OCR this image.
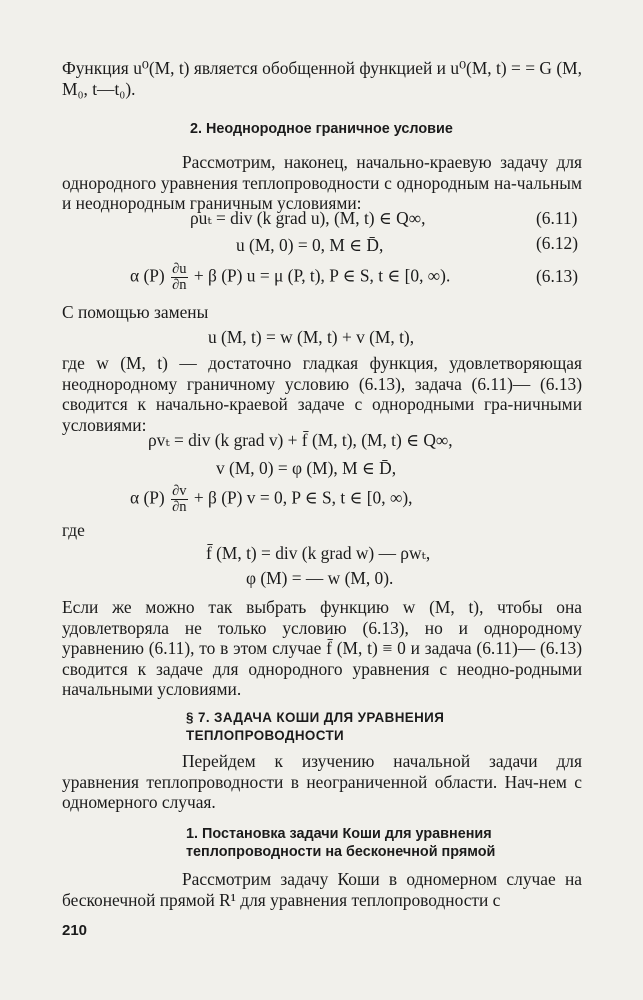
Функция u⁰(M, t) является обобщенной функцией и u⁰(M, t) = = G (M, M₀, t—t₀).

2. Неоднородное граничное условие

Рассмотрим, наконец, начально-краевую задачу для однородного уравнения теплопроводности с однородным на-чальным и неоднородным граничным условиями:

ρuₜ = div (k grad u), (M, t) ∈ Q∞,	(6.11)
u (M, 0) = 0, M ∈ D̄,	(6.12)
α $(P) \frac{\partial u}{\partial n} + \beta$ (P) u = μ (P, t), P ∈ S, t ∈ [0, ∞).	(6.13)

С помощью замены

u (M, t) = w (M, t) + v (M, t),

где w (M, t) — достаточно гладкая функция, удовлетворяющая неоднородному граничному условию (6.13), задача (6.11)— (6.13) сводится к начально-краевой задаче с однородными гра-ничными условиями:

ρvₜ = div (k grad v) + f̄ (M, t), (M, t) ∈ Q∞,
v (M, 0) = φ (M), M ∈ D̄,
α $(P) \frac{\partial v}{\partial n} + \beta$ (P) v = 0, P ∈ S, t ∈ [0, ∞),

где

f̄ (M, t) = div (k grad w) — ρwₜ,
φ (M) = — w (M, 0).

Если же можно так выбрать функцию w (M, t), чтобы она удовлетворяла не только условию (6.13), но и однородному уравнению (6.11), то в этом случае f̄ (M, t) ≡ 0 и задача (6.11)— (6.13) сводится к задаче для однородного уравнения с неодно-родными начальными условиями.

§ 7. ЗАДАЧА КОШИ ДЛЯ УРАВНЕНИЯ

ТЕПЛОПРОВОДНОСТИ

Перейдем к изучению начальной задачи для уравнения теплопроводности в неограниченной области. Нач-нем с одномерного случая.

1. Постановка задачи Коши для уравнения

теплопроводности на бесконечной прямой

Рассмотрим задачу Коши в одномерном случае на бесконечной прямой R¹ для уравнения теплопроводности с

210
